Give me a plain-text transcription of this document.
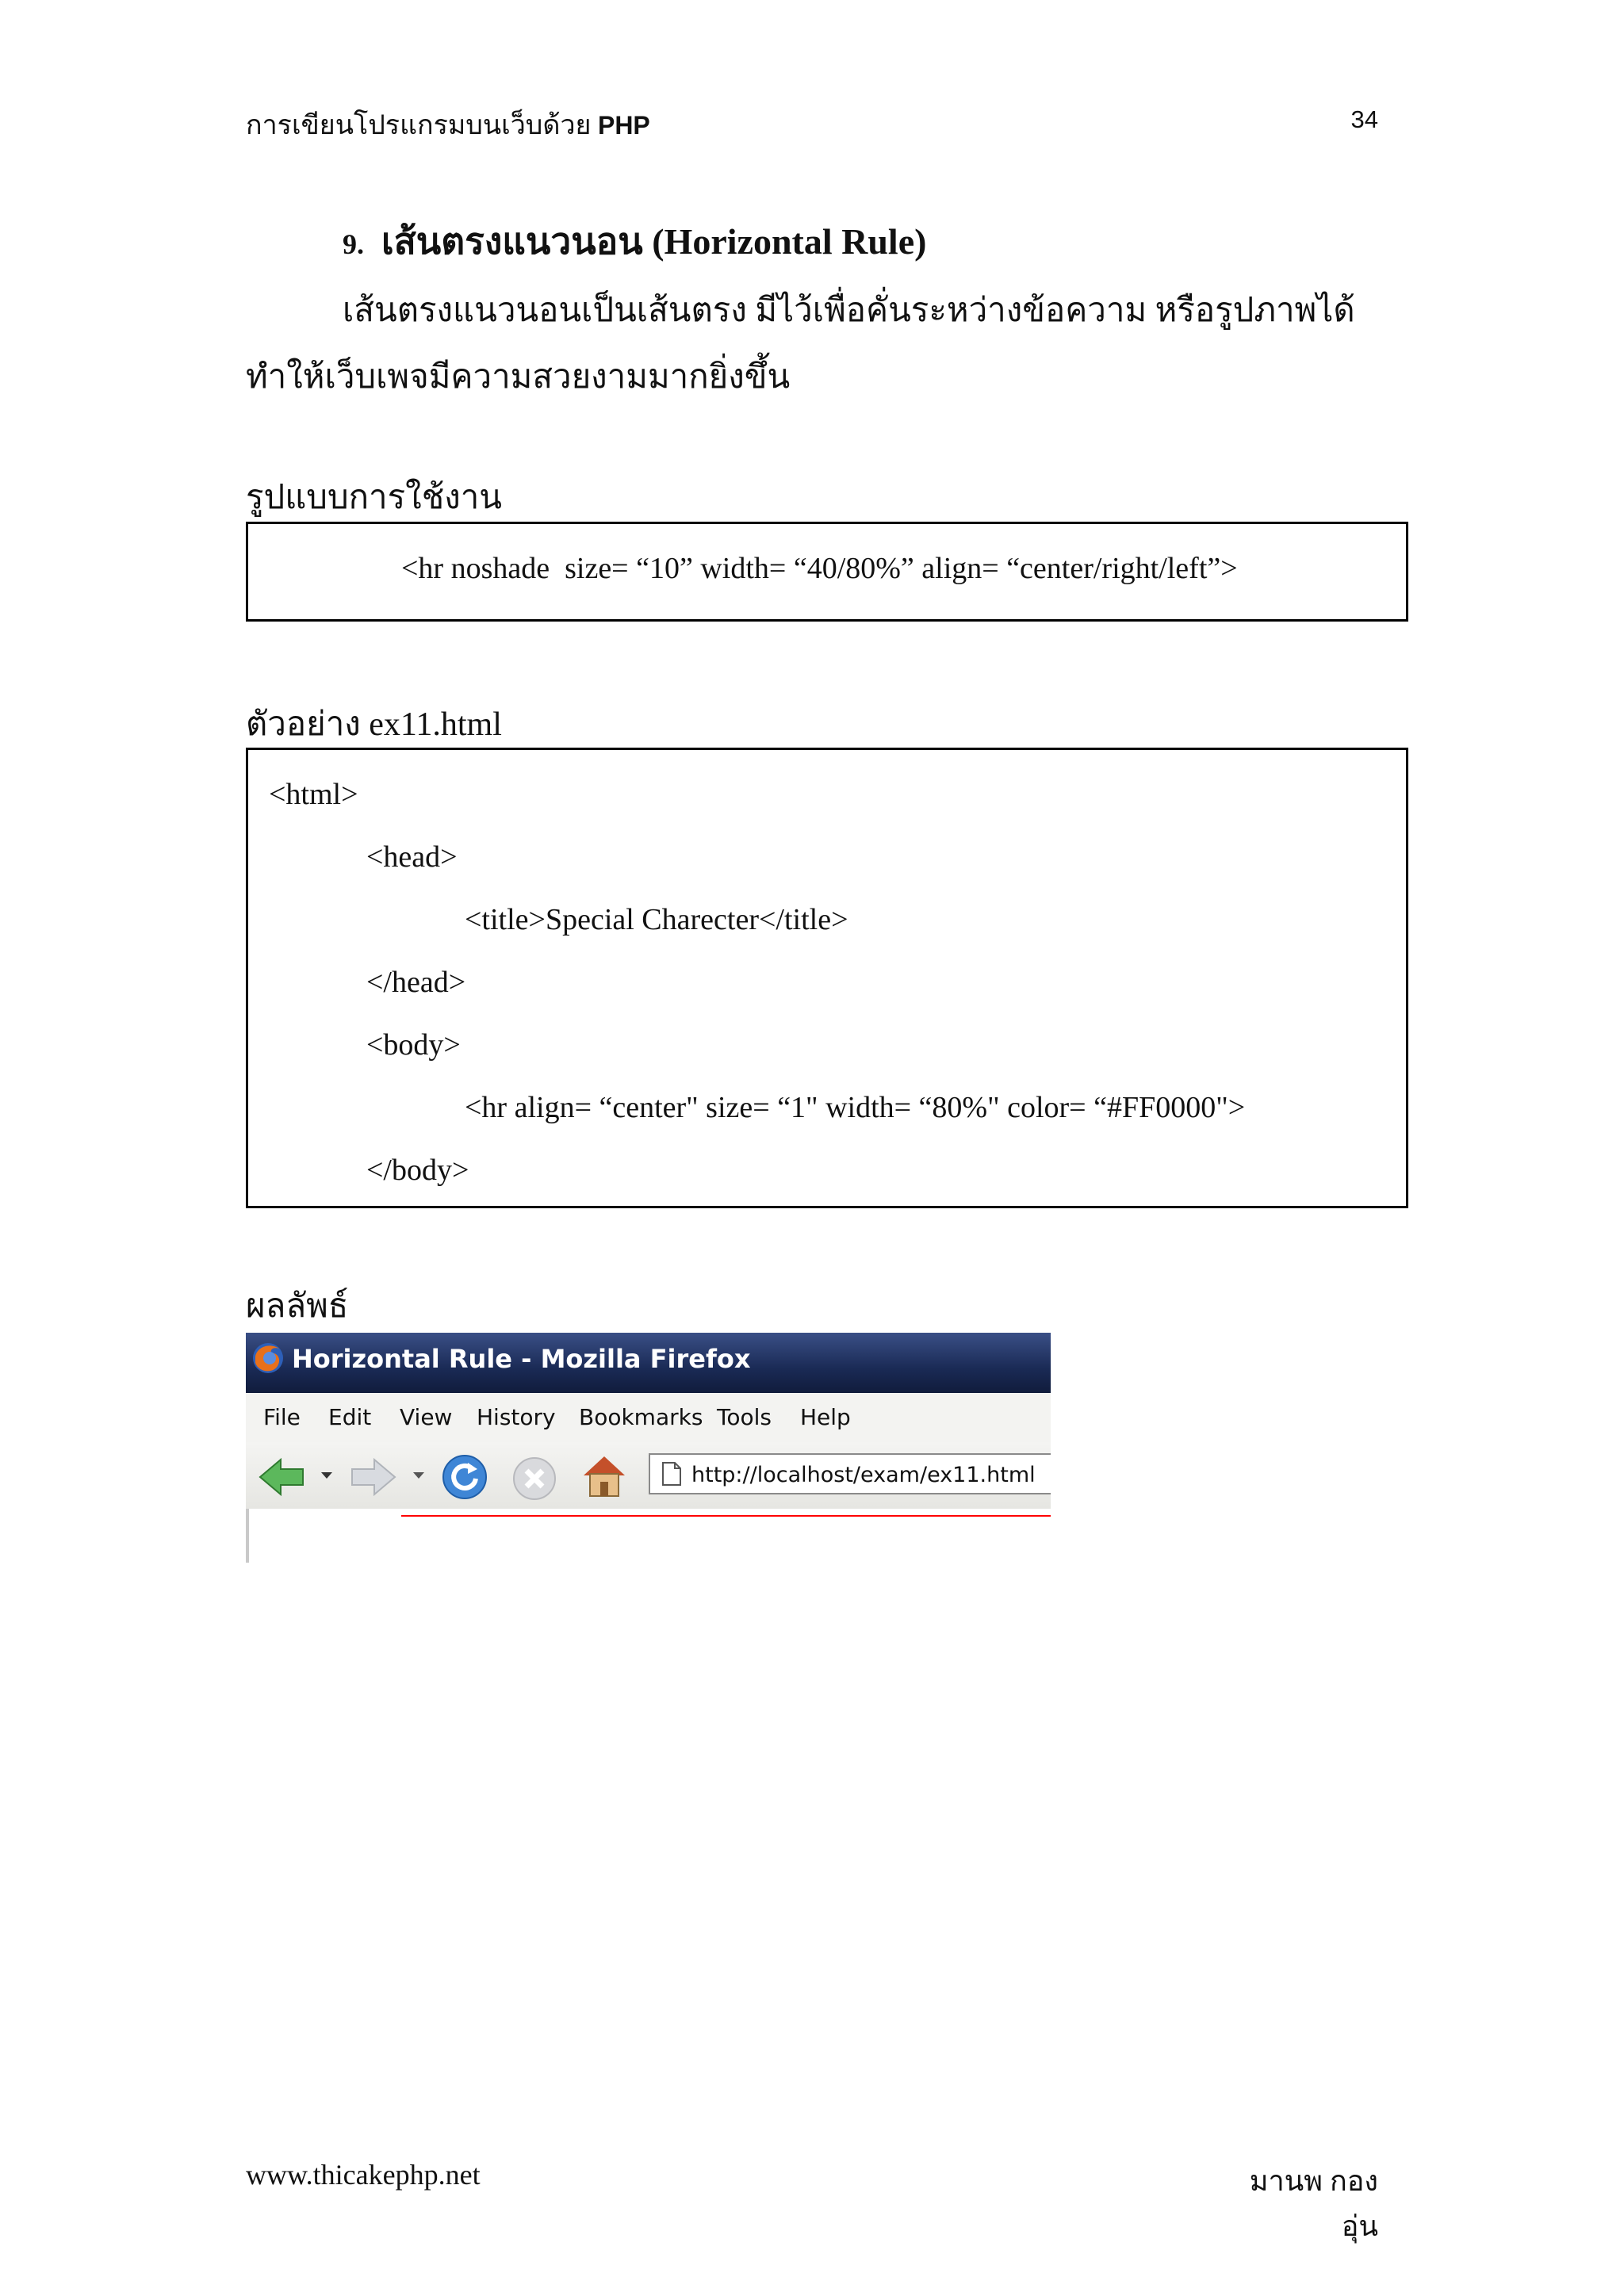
การเขียนโปรแกรมบนเว็บด้วย PHP	34
9. เส้นตรงแนวนอน (Horizontal Rule)
เส้นตรงแนวนอนเป็นเส้นตรง มีไว้เพื่อคั่นระหว่างข้อความ หรือรูปภาพได้ ทำให้เว็บเพจมีความสวยงามมากยิ่งขึ้น
รูปแบบการใช้งาน
<hr noshade  size= “10” width= “40/80%” align= “center/right/left”>
ตัวอย่าง ex11.html
<html>
<head>
<title>Special Charecter</title>
</head>
<body>
<hr align= “center" size= “1" width= “80%" color= “#FF0000">
</body>
ผลลัพธ์
Horizontal Rule - Mozilla Firefox
File Edit View History Bookmarks Tools Help
http://localhost/exam/ex11.html
www.thicakephp.net	มานพ กองอุ่น
